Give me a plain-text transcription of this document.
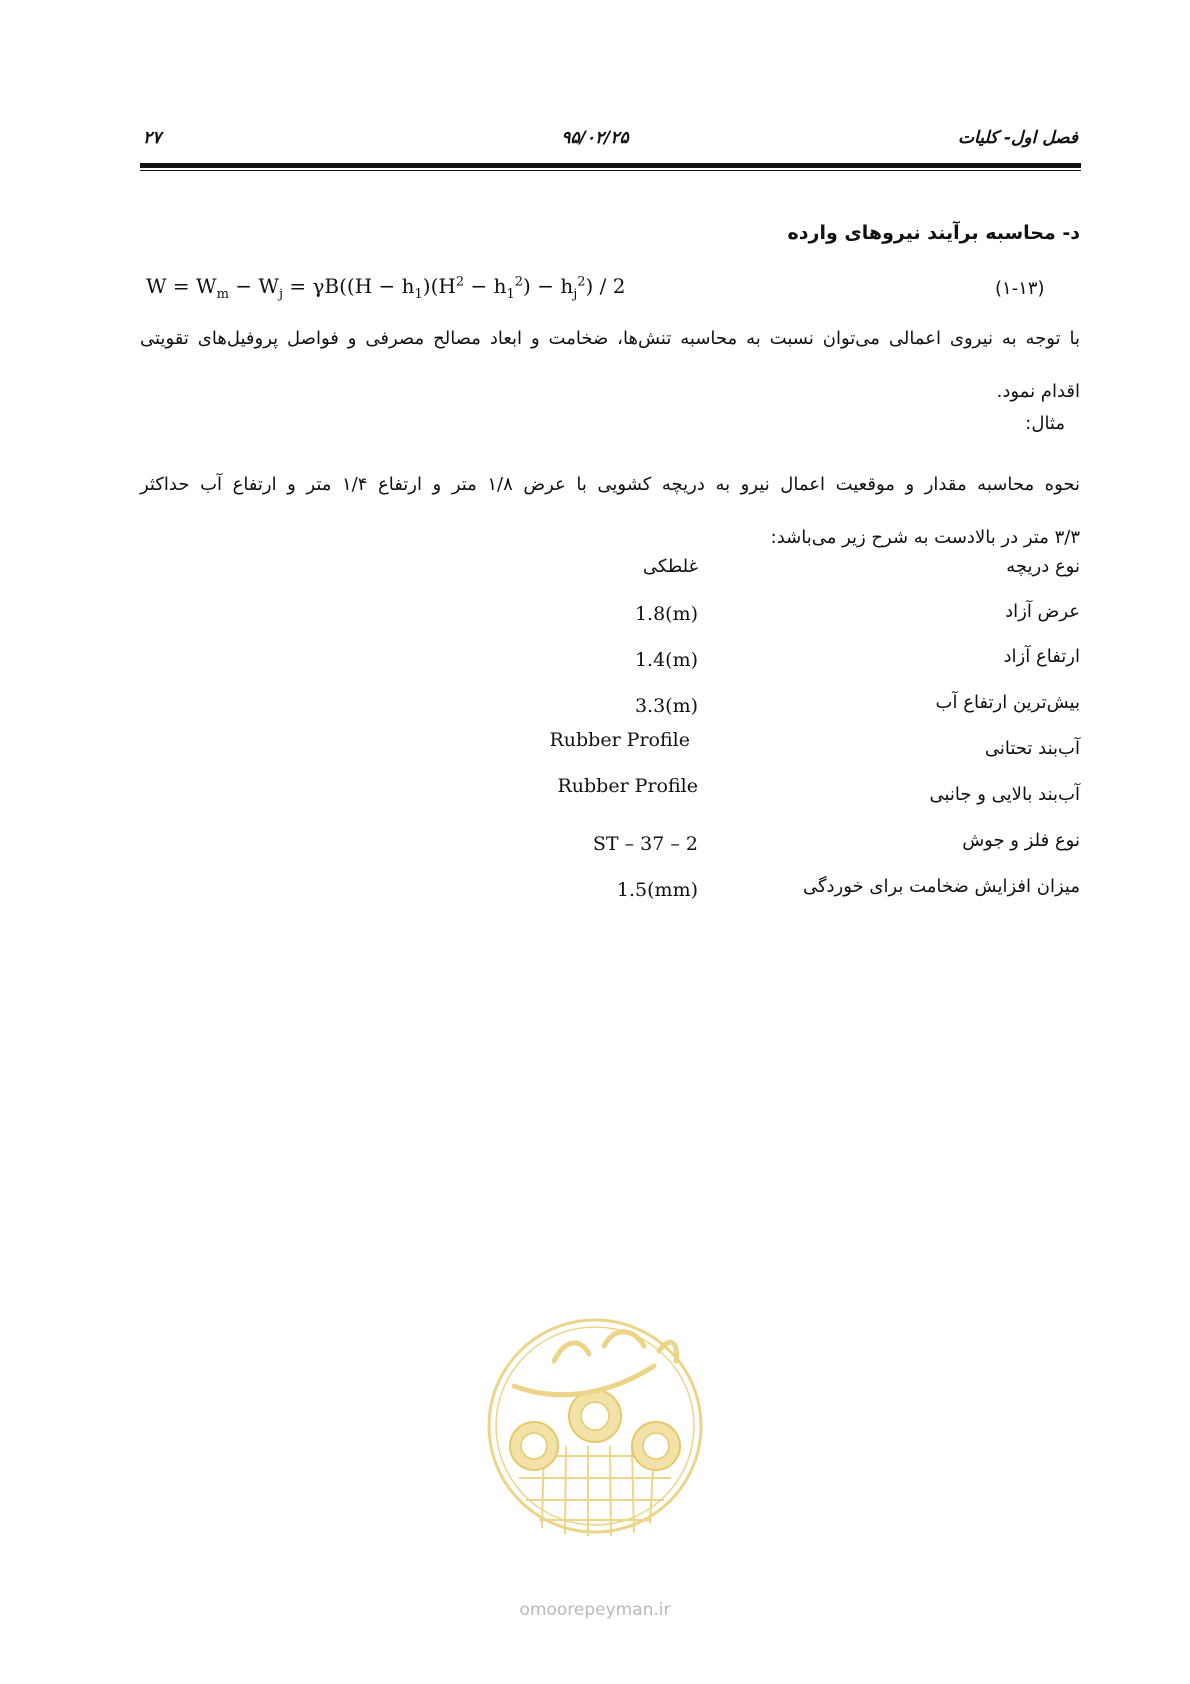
فصل اول- کلیات
۹۵/۰۲/۲۵
۲۷
د- محاسبه برآیند نیروهای وارده
$W = W_m - W_j = \gamma B((H - h_1)(H^2 - h_1^2) - h_j^2) / 2$	(۱-۱۳)
با توجه به نیروی اعمالی می‌توان نسبت به محاسبه تنش‌ها، ضخامت و ابعاد مصالح مصرفی و فواصل پروفیل‌های تقویتی
اقدام نمود.
مثال:
نحوه محاسبه مقدار و موقعیت اعمال نیرو به دریچه کشویی با عرض ۱/۸ متر و ارتفاع ۱/۴ متر و ارتفاع آب حداکثر
۳/۳ متر در بالادست به شرح زیر می‌باشد:
نوع دریچه
غلطکی
عرض آزاد
1.8(m)
ارتفاع آزاد
1.4(m)
بیش‌ترین ارتفاع آب
3.3(m)
آب‌بند تحتانی
Rubber Profile
آب‌بند بالایی و جانبی
Rubber Profile
نوع فلز و جوش
ST – 37 – 2
میزان افزایش ضخامت برای خوردگی
1.5(mm)
omoorepeyman.ir
